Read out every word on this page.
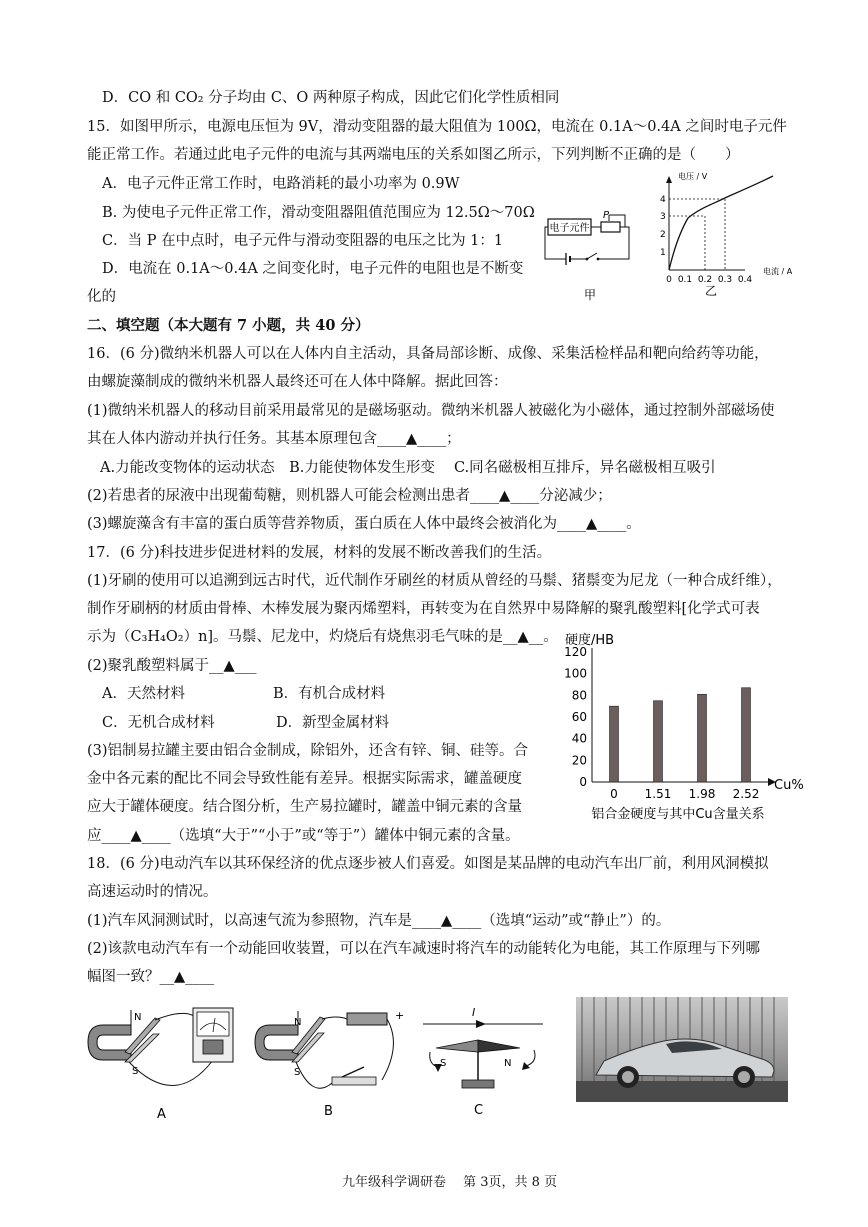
D．CO 和 CO₂ 分子均由 C、O 两种原子构成，因此它们化学性质相同
15．如图甲所示，电源电压恒为 9V，滑动变阻器的最大阻值为 100Ω，电流在 0.1A～0.4A 之间时电子元件
能正常工作。若通过此电子元件的电流与其两端电压的关系如图乙所示，下列判断不正确的是（　　）
A．电子元件正常工作时，电路消耗的最小功率为 0.9W
B. 为使电子元件正常工作，滑动变阻器阻值范围应为 12.5Ω～70Ω
C．当 P 在中点时，电子元件与滑动变阻器的电压之比为 1：1
D．电流在 0.1A～0.4A 之间变化时，电子元件的电阻也是不断变
化的
二、填空题（本大题有 7 小题，共 40 分）
16．(6 分)微纳米机器人可以在人体内自主活动，具备局部诊断、成像、采集活检样品和靶向给药等功能，
由螺旋藻制成的微纳米机器人最终还可在人体中降解。据此回答：
(1)微纳米机器人的移动目前采用最常见的是磁场驱动。微纳米机器人被磁化为小磁体，通过控制外部磁场使
其在人体内游动并执行任务。其基本原理包含____▲____；
A.力能改变物体的运动状态　B.力能使物体发生形变　 C.同名磁极相互排斥，异名磁极相互吸引
(2)若患者的尿液中出现葡萄糖，则机器人可能会检测出患者____▲____分泌减少；
(3)螺旋藻含有丰富的蛋白质等营养物质，蛋白质在人体中最终会被消化为____▲____。
17．(6 分)科技进步促进材料的发展，材料的发展不断改善我们的生活。
(1)牙刷的使用可以追溯到远古时代，近代制作牙刷丝的材质从曾经的马鬃、猪鬃变为尼龙（一种合成纤维），
制作牙刷柄的材质由骨棒、木棒发展为聚丙烯塑料，再转变为在自然界中易降解的聚乳酸塑料[化学式可表
示为（C₃H₄O₂）n]。马鬃、尼龙中，灼烧后有烧焦羽毛气味的是__▲__。
(2)聚乳酸塑料属于__▲___
A．天然材料	B．有机合成材料
C．无机合成材料	D．新型金属材料
(3)铝制易拉罐主要由铝合金制成，除铝外，还含有锌、铜、硅等。合
金中各元素的配比不同会导致性能有差异。根据实际需求，罐盖硬度
应大于罐体硬度。结合图分析，生产易拉罐时，罐盖中铜元素的含量
应____▲____（选填“大于”“小于”或“等于”）罐体中铜元素的含量。
18．(6 分)电动汽车以其环保经济的优点逐步被人们喜爱。如图是某品牌的电动汽车出厂前，利用风洞模拟
高速运动时的情况。
(1)汽车风洞测试时，以高速气流为参照物，汽车是____▲____（选填“运动”或“静止”）的。
(2)该款电动汽车有一个动能回收装置，可以在汽车减速时将汽车的动能转化为电能，其工作原理与下列哪
幅图一致？__▲____
九年级科学调研卷　 第 3页，共 8 页
电子元件
P
甲
电压 / V
电流 / A
1
2
3
4
0 0.1 0.2 0.3 0.4
乙
硬度/HB
Cu%
0
20
40
60
80
100
120
0 1.51 1.98 2.52
铝合金硬度与其中Cu含量关系
N
S
A
N
S
+
B
I
S	N
C
